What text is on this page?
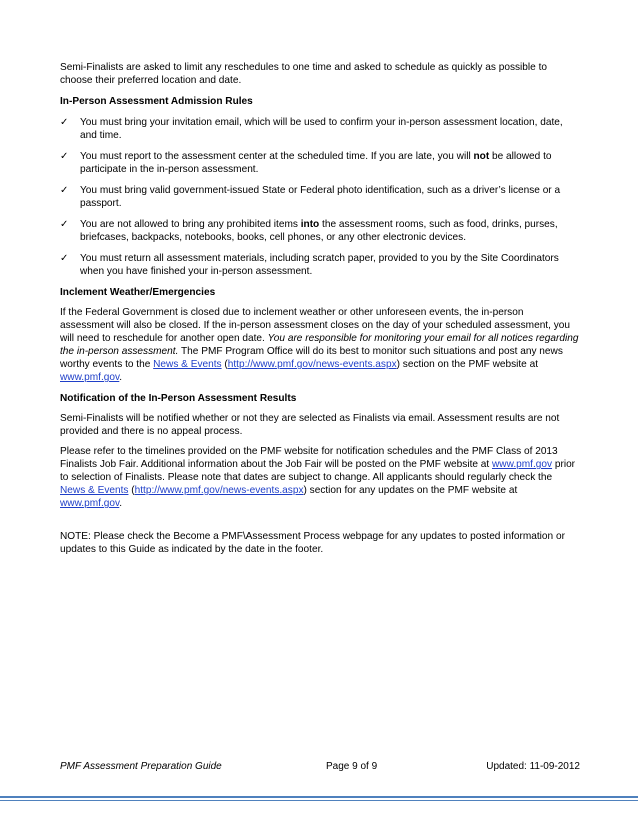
Semi-Finalists are asked to limit any reschedules to one time and asked to schedule as quickly as possible to choose their preferred location and date.

In-Person Assessment Admission Rules
✓ You must bring your invitation email, which will be used to confirm your in-person assessment location, date, and time.
✓ You must report to the assessment center at the scheduled time. If you are late, you will not be allowed to participate in the in-person assessment.
✓ You must bring valid government-issued State or Federal photo identification, such as a driver’s license or a passport.
✓ You are not allowed to bring any prohibited items into the assessment rooms, such as food, drinks, purses, briefcases, backpacks, notebooks, books, cell phones, or any other electronic devices.
✓ You must return all assessment materials, including scratch paper, provided to you by the Site Coordinators when you have finished your in-person assessment.
Inclement Weather/Emergencies

If the Federal Government is closed due to inclement weather or other unforeseen events, the in-person assessment will also be closed. If the in-person assessment closes on the day of your scheduled assessment, you will need to reschedule for another open date. You are responsible for monitoring your email for all notices regarding the in-person assessment. The PMF Program Office will do its best to monitor such situations and post any news worthy events to the News & Events (http://www.pmf.gov/news-events.aspx) section on the PMF website at www.pmf.gov.

Notification of the In-Person Assessment Results

Semi-Finalists will be notified whether or not they are selected as Finalists via email. Assessment results are not provided and there is no appeal process.

Please refer to the timelines provided on the PMF website for notification schedules and the PMF Class of 2013 Finalists Job Fair. Additional information about the Job Fair will be posted on the PMF website at www.pmf.gov prior to selection of Finalists. Please note that dates are subject to change. All applicants should regularly check the News & Events (http://www.pmf.gov/news-events.aspx) section for any updates on the PMF website at www.pmf.gov.

NOTE: Please check the Become a PMF\Assessment Process webpage for any updates to posted information or updates to this Guide as indicated by the date in the footer.

PMF Assessment Preparation Guide	Page 9 of 9	Updated: 11-09-2012
